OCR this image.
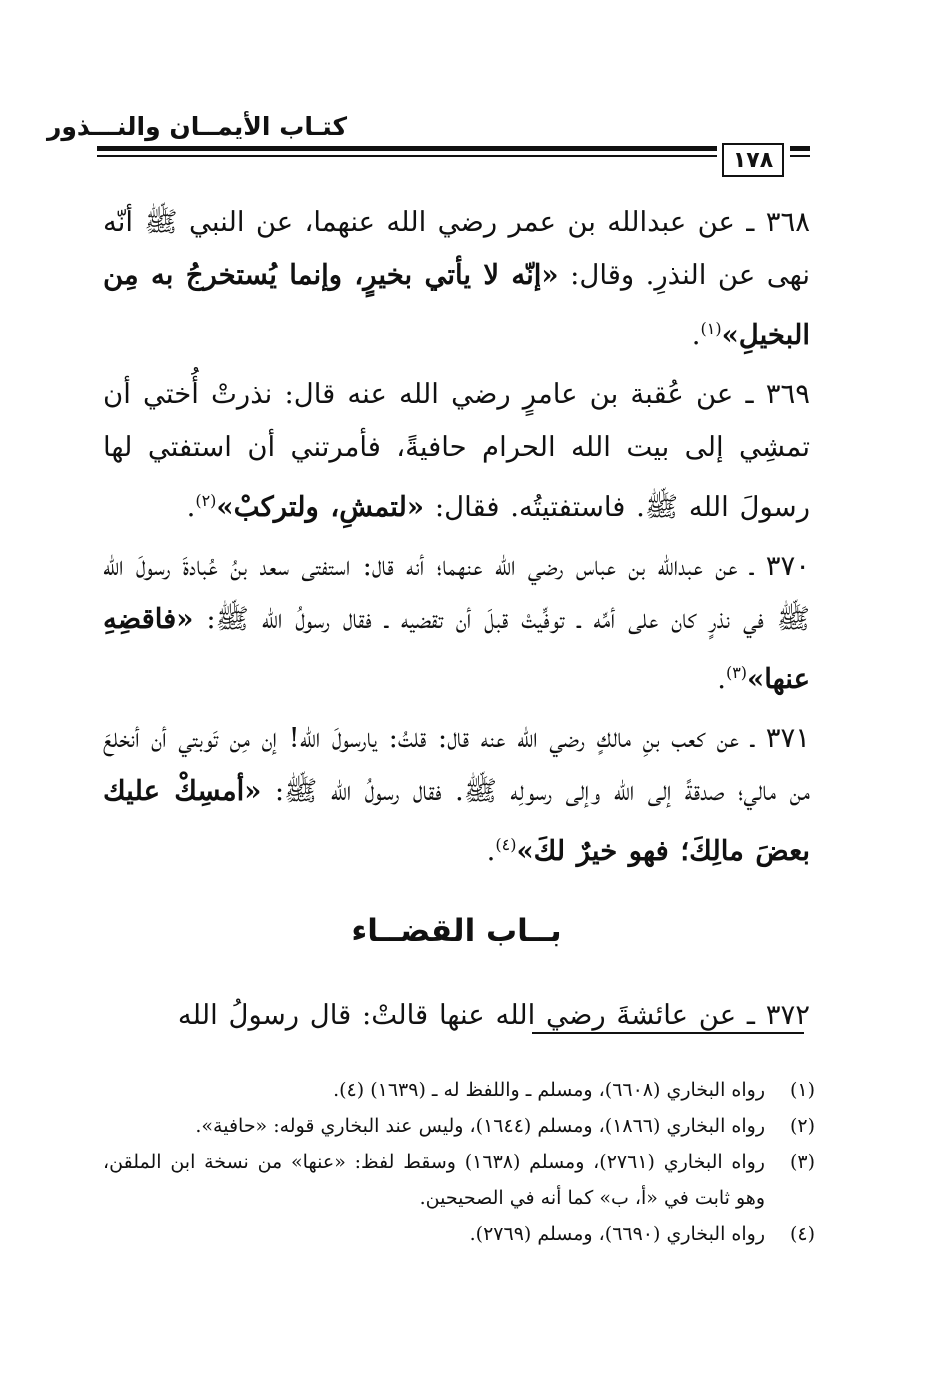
كتـاب الأيمــان والنـــذور
١٧٨

٣٦٨ ـ عن عبدالله بن عمر رضي الله عنهما، عن النبي ﷺ أنّه نهى عن النذرِ. وقال: «إنّه لا يأتي بخيرٍ، وإنما يُستخرجُ به مِن البخيلِ»$^{(١)}$.

٣٦٩ ـ عن عُقبة بن عامرٍ رضي الله عنه قال: نذرتْ أُختي أن تمشِي إلى بيت الله الحرام حافيةً، فأمرتني أن استفتي لها رسولَ الله ﷺ. فاستفتيتُه. فقال: «لتمشِ، ولتركبْ»$^{(٢)}$.

٣٧٠ ـ عن عبدالله بن عباس رضي الله عنهما؛ أنه قال: استفتى سعد بنُ عُبادةَ رسولَ الله ﷺ في نذرٍ كان على أمِّه ـ توفِّيتْ قبلَ أن تقضيه ـ فقال رسولُ الله ﷺ: «فاقضِهِ عنها»$^{(٣)}$.

٣٧١ ـ عن كعب بنِ مالكٍ رضي الله عنه قال: قلتُ: يارسولَ الله! إن مِن تَوبتي أن أنخلعَ من مالي؛ صدقةً إلى الله وإلى رسولِه ﷺ. فقال رسولُ الله ﷺ: «أمسِكْ عليك بعضَ مالِكَ؛ فهو خيرٌ لكَ»$^{(٤)}$.

بــاب القضــاء

٣٧٢ ـ عن عائشةَ رضي الله عنها قالتْ: قال رسولُ الله

(١)
رواه البخاري (٦٦٠٨)، ومسلم ـ واللفظ له ـ (١٦٣٩) (٤).
(٢)
رواه البخاري (١٨٦٦)، ومسلم (١٦٤٤)، وليس عند البخاري قوله: «حافية».
(٣)
رواه البخاري (٢٧٦١)، ومسلم (١٦٣٨) وسقط لفظ: «عنها» من نسخة ابن الملقن، وهو ثابت في «أ، ب» كما أنه في الصحيحين.
(٤)
رواه البخاري (٦٦٩٠)، ومسلم (٢٧٦٩).
